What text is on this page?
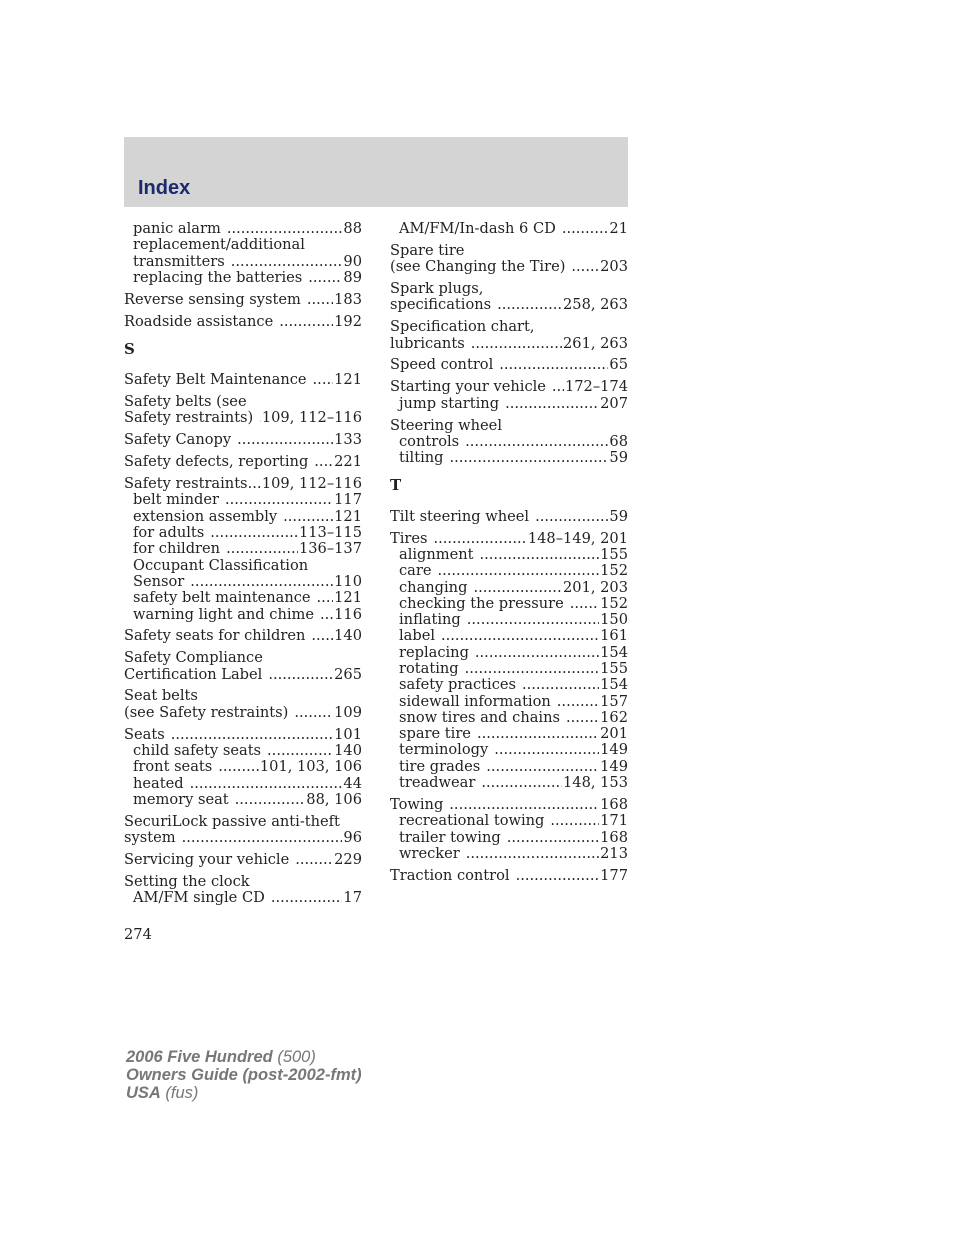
Index
panic alarm .....	88
replacement/additional
transmitters .....	90
replacing the batteries .....	89
Reverse sensing system ..... 183
Roadside assistance .....	192
S
Safety Belt Maintenance ..... 121
Safety belts (see
Safety restraints) ..... 109, 112–116
Safety Canopy .....	133
Safety defects, reporting ..... 221
Safety restraints ..... 109, 112–116
belt minder .....	117
extension assembly .....	121
for adults .....	113–115
for children .....	136–137
Occupant Classification
Sensor .....	110
safety belt maintenance ..... 121
warning light and chime ..... 116
Safety seats for children ..... 140
Safety Compliance
Certification Label .....	265
Seat belts
(see Safety restraints) .....	109
Seats .....	101
child safety seats .....	140
front seats .....	101, 103, 106
heated .....	44
memory seat .....	88, 106
SecuriLock passive anti-theft
system .....	96
Servicing your vehicle .....	229
Setting the clock
AM/FM single CD .....	17
AM/FM/In-dash 6 CD .....	21
Spare tire
(see Changing the Tire) ..... 203
Spark plugs,
specifications .....	258, 263
Specification chart,
lubricants .....	261, 263
Speed control .....	65
Starting your vehicle ..... 172–174
jump starting .....	207
Steering wheel
controls .....	68
tilting .....	59
T
Tilt steering wheel .....	59
Tires .....	148–149, 201
alignment .....	155
care .....	152
changing .....	201, 203
checking the pressure ..... 152
inflating .....	150
label .....	161
replacing .....	154
rotating .....	155
safety practices .....	154
sidewall information .....	157
snow tires and chains .....	162
spare tire .....	201
terminology .....	149
tire grades .....	149
treadwear .....	148, 153
Towing .....	168
recreational towing .....	171
trailer towing .....	168
wrecker .....	213
Traction control .....	177
274
2006 Five Hundred (500)
Owners Guide (post-2002-fmt)
USA (fus)
